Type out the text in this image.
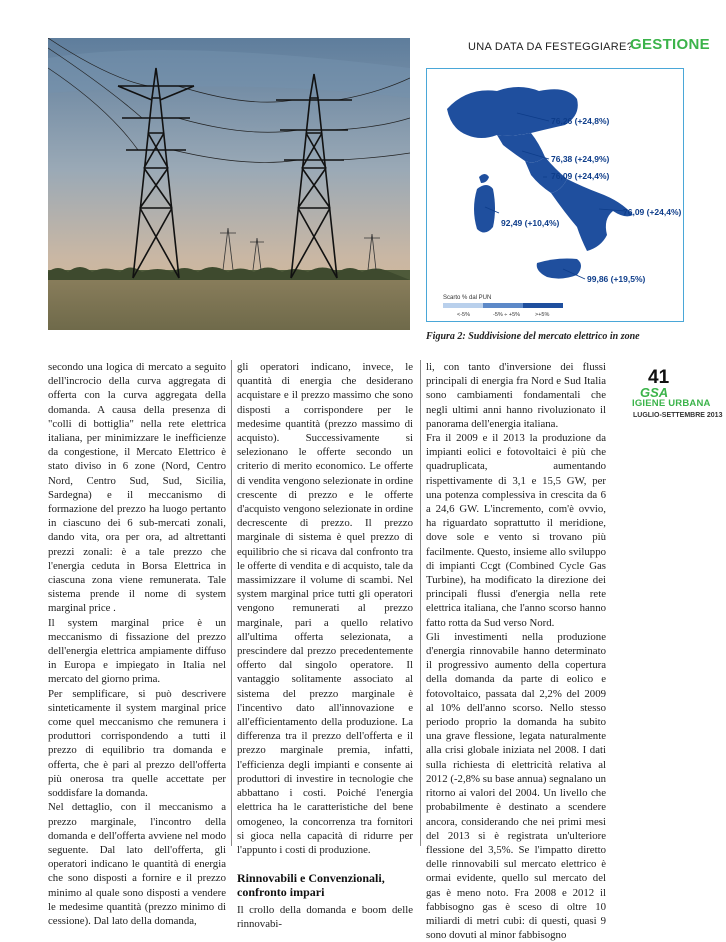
UNA DATA DA FESTEGGIARE?
GESTIONE
76,26 (+24,8%)
76,38 (+24,9%)
76,09 (+24,4%)
76,09 (+24,4%)
92,49 (+10,4%)
99,86 (+19,5%)
Scarto % dal PUN
<-5%	-5% ÷ +5%	>+5%
Figura 2: Suddivisione del mercato elettrico in zone

secondo una logica di mercato a seguito dell'incrocio della curva aggregata di offerta con la curva aggregata della domanda. A causa della presenza di "colli di bottiglia" nella rete elettrica italiana, per minimizzare le inefficienze da congestione, il Mercato Elettrico è stato diviso in 6 zone (Nord, Centro Nord, Centro Sud, Sud, Sicilia, Sardegna) e il meccanismo di formazione del prezzo ha luogo pertanto in ciascuno dei 6 sub-mercati zonali, dando vita, ora per ora, ad altrettanti prezzi zonali: è a tale prezzo che l'energia ceduta in Borsa Elettrica in ciascuna zona viene remunerata. Tale sistema prende il nome di system marginal price .

Il system marginal price è un meccanismo di fissazione del prezzo dell'energia elettrica ampiamente diffuso in Europa e impiegato in Italia nel mercato del giorno prima.

Per semplificare, si può descrivere sinteticamente il system marginal price come quel meccanismo che remunera i produttori corrispondendo a tutti il prezzo di equilibrio tra domanda e offerta, che è pari al prezzo dell'offerta più onerosa tra quelle accettate per soddisfare la domanda.

Nel dettaglio, con il meccanismo a prezzo marginale, l'incontro della domanda e dell'offerta avviene nel modo seguente. Dal lato dell'offerta, gli operatori indicano le quantità di energia che sono disposti a fornire e il prezzo minimo al quale sono disposti a vendere le medesime quantità (prezzo minimo di cessione). Dal lato della domanda,

gli operatori indicano, invece, le quantità di energia che desiderano acquistare e il prezzo massimo che sono disposti a corrispondere per le medesime quantità (prezzo massimo di acquisto). Successivamente si selezionano le offerte secondo un criterio di merito economico. Le offerte di vendita vengono selezionate in ordine crescente di prezzo e le offerte d'acquisto vengono selezionate in ordine decrescente di prezzo. Il prezzo marginale di sistema è quel prezzo di equilibrio che si ricava dal confronto tra le offerte di vendita e di acquisto, tale da massimizzare il volume di scambi. Nel system marginal price tutti gli operatori vengono remunerati al prezzo marginale, pari a quello relativo all'ultima offerta selezionata, a prescindere dal prezzo precedentemente offerto dal singolo operatore. Il vantaggio solitamente associato al sistema del prezzo marginale è l'incentivo dato all'innovazione e all'efficientamento della produzione. La differenza tra il prezzo dell'offerta e il prezzo marginale premia, infatti, l'efficienza degli impianti e consente ai produttori di investire in tecnologie che abbattano i costi. Poiché l'energia elettrica ha le caratteristiche del bene omogeneo, la concorrenza tra fornitori si gioca nella capacità di ridurre per l'appunto i costi di produzione.

Rinnovabili e Convenzionali, confronto impari

Il crollo della domanda e boom delle rinnovabi-

li, con tanto d'inversione dei flussi principali di energia fra Nord e Sud Italia sono cambiamenti fondamentali che negli ultimi anni hanno rivoluzionato il panorama dell'energia italiana.

Fra il 2009 e il 2013 la produzione da impianti eolici e fotovoltaici è più che quadruplicata, aumentando rispettivamente di 3,1 e 15,5 GW, per una potenza complessiva in crescita da 6 a 24,6 GW. L'incremento, com'è ovvio, ha riguardato soprattutto il meridione, dove sole e vento si trovano più facilmente. Questo, insieme allo sviluppo di impianti Ccgt (Combined Cycle Gas Turbine), ha modificato la direzione dei principali flussi d'energia nella rete elettrica italiana, che l'anno scorso hanno fatto rotta da Sud verso Nord.

Gli investimenti nella produzione d'energia rinnovabile hanno determinato il progressivo aumento della copertura della domanda da parte di eolico e fotovoltaico, passata dal 2,2% del 2009 al 10% dell'anno scorso. Nello stesso periodo proprio la domanda ha subito una grave flessione, legata naturalmente alla crisi globale iniziata nel 2008. I dati sulla richiesta di elettricità relativa al 2012 (-2,8% su base annua) segnalano un ritorno ai valori del 2004. Un livello che probabilmente è destinato a scendere ancora, considerando che nei primi mesi del 2013 si è registrata un'ulteriore flessione del 3,5%. Se l'impatto diretto delle rinnovabili sul mercato elettrico è ormai evidente, quello sul mercato del gas è meno noto. Fra 2008 e 2012 il fabbisogno gas è sceso di oltre 10 miliardi di metri cubi: di questi, quasi 9 sono dovuti al minor fabbisogno

41
GSA
IGIENE URBANA
LUGLIO-SETTEMBRE 2013
